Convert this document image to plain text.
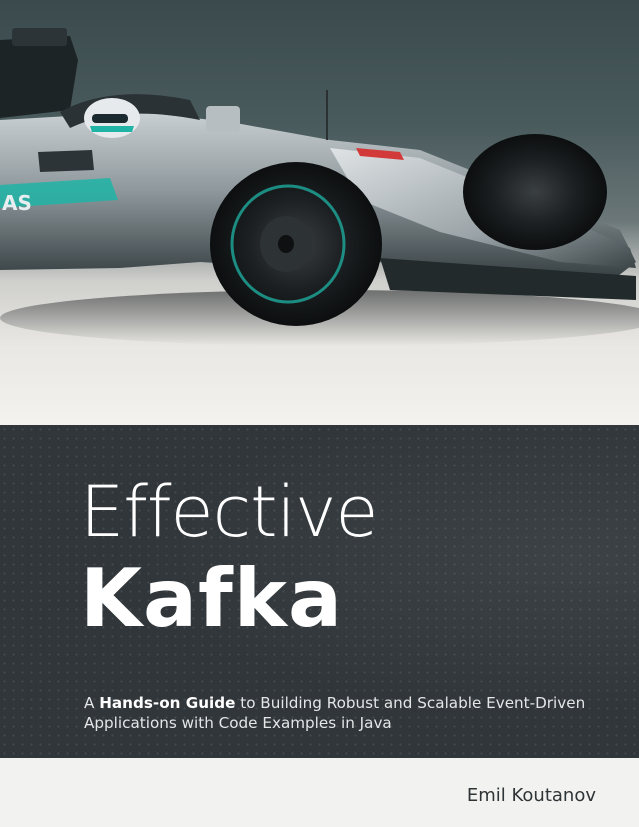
AS
Effective
Kafka
A Hands-on Guide to Building Robust and Scalable Event-Driven
Applications with Code Examples in Java
Emil Koutanov
